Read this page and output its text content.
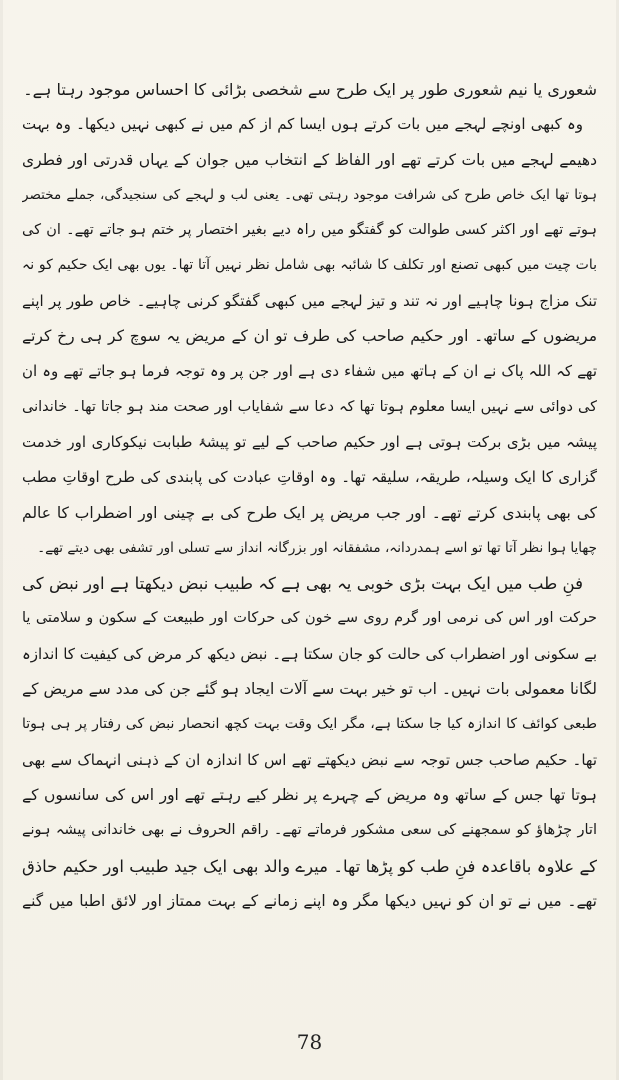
شعوری یا نیم شعوری طور پر ایک طرح سے شخصی بڑائی کا احساس موجود رہتا ہے۔
وہ کبھی اونچے لہجے میں بات کرتے ہوں ایسا کم از کم میں نے کبھی نہیں دیکھا۔ وہ بہت
دھیمے لہجے میں بات کرتے تھے اور الفاظ کے انتخاب میں جوان کے یہاں قدرتی اور فطری
ہوتا تھا ایک خاص طرح کی شرافت موجود رہتی تھی۔ یعنی لب و لہجے کی سنجیدگی، جملے مختصر
ہوتے تھے اور اکثر کسی طوالت کو گفتگو میں راہ دیے بغیر اختصار پر ختم ہو جاتے تھے۔ ان کی
بات چیت میں کبھی تصنع اور تکلف کا شائبہ بھی شامل نظر نہیں آتا تھا۔ یوں بھی ایک حکیم کو نہ
تنک مزاج ہونا چاہیے اور نہ تند و تیز لہجے میں کبھی گفتگو کرنی چاہیے۔ خاص طور پر اپنے
مریضوں کے ساتھ۔ اور حکیم صاحب کی طرف تو ان کے مریض یہ سوچ کر ہی رخ کرتے
تھے کہ اللہ پاک نے ان کے ہاتھ میں شفاء دی ہے اور جن پر وہ توجہ فرما ہو جاتے تھے وہ ان
کی دوائی سے نہیں ایسا معلوم ہوتا تھا کہ دعا سے شفایاب اور صحت مند ہو جاتا تھا۔ خاندانی
پیشہ میں بڑی برکت ہوتی ہے اور حکیم صاحب کے لیے تو پیشۂ طبابت نیکوکاری اور خدمت
گزاری کا ایک وسیلہ، طریقہ، سلیقہ تھا۔ وہ اوقاتِ عبادت کی پابندی کی طرح اوقاتِ مطب
کی بھی پابندی کرتے تھے۔ اور جب مریض پر ایک طرح کی بے چینی اور اضطراب کا عالم
چھایا ہوا نظر آتا تھا تو اسے ہمدردانہ، مشفقانہ اور بزرگانہ انداز سے تسلی اور تشفی بھی دیتے تھے۔
فنِ طب میں ایک بہت بڑی خوبی یہ بھی ہے کہ طبیب نبض دیکھتا ہے اور نبض کی
حرکت اور اس کی نرمی اور گرم روی سے خون کی حرکات اور طبیعت کے سکون و سلامتی یا
بے سکونی اور اضطراب کی حالت کو جان سکتا ہے۔ نبض دیکھ کر مرض کی کیفیت کا اندازہ
لگانا معمولی بات نہیں۔ اب تو خیر بہت سے آلات ایجاد ہو گئے جن کی مدد سے مریض کے
طبعی کوائف کا اندازہ کیا جا سکتا ہے، مگر ایک وقت بہت کچھ انحصار نبض کی رفتار پر ہی ہوتا
تھا۔ حکیم صاحب جس توجہ سے نبض دیکھتے تھے اس کا اندازہ ان کے ذہنی انہماک سے بھی
ہوتا تھا جس کے ساتھ وہ مریض کے چہرے پر نظر کیے رہتے تھے اور اس کی سانسوں کے
اتار چڑھاؤ کو سمجھنے کی سعی مشکور فرماتے تھے۔ راقم الحروف نے بھی خاندانی پیشہ ہونے
کے علاوہ باقاعدہ فنِ طب کو پڑھا تھا۔ میرے والد بھی ایک جید طبیب اور حکیم حاذق
تھے۔ میں نے تو ان کو نہیں دیکھا مگر وہ اپنے زمانے کے بہت ممتاز اور لائق اطبا میں گنے
78
